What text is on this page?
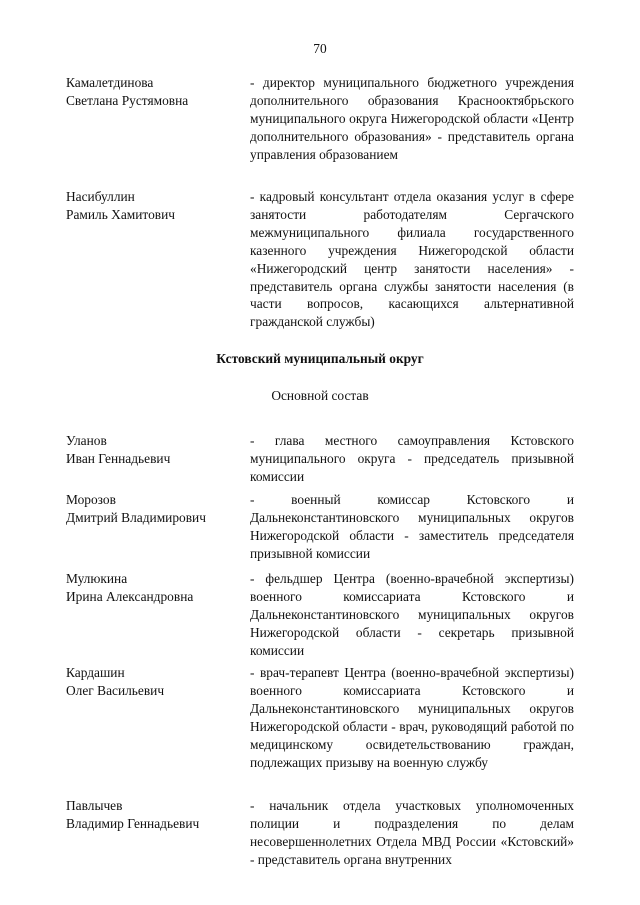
70
Камалетдинова
Светлана Рустямовна
- директор муниципального бюджетного учреждения дополнительного образования Краснооктябрьского муниципального округа Нижегородской области «Центр дополнительного образования» - представитель органа управления образованием
Насибуллин
Рамиль Хамитович
- кадровый консультант отдела оказания услуг в сфере занятости работодателям Сергачского межмуниципального филиала государственного казенного учреждения Нижегородской области «Нижегородский центр занятости населения» - представитель органа службы занятости населения (в части вопросов, касающихся альтернативной гражданской службы)
Кстовский муниципальный округ
Основной состав
Уланов
Иван Геннадьевич
- глава местного самоуправления Кстовского муниципального округа - председатель призывной комиссии
Морозов
Дмитрий Владимирович
- военный комиссар Кстовского и Дальнеконстантиновского муниципальных округов Нижегородской области - заместитель председателя призывной комиссии
Мулюкина
Ирина Александровна
- фельдшер Центра (военно-врачебной экспертизы) военного комиссариата Кстовского и Дальнеконстантиновского муниципальных округов Нижегородской области - секретарь призывной комиссии
Кардашин
Олег Васильевич
- врач-терапевт Центра (военно-врачебной экспертизы) военного комиссариата Кстовского и Дальнеконстантиновского муниципальных округов Нижегородской области - врач, руководящий работой по медицинскому освидетельствованию граждан, подлежащих призыву на военную службу
Павлычев
Владимир Геннадьевич
- начальник отдела участковых уполномоченных полиции и подразделения по делам несовершеннолетних Отдела МВД России «Кстовский» - представитель органа внутренних
